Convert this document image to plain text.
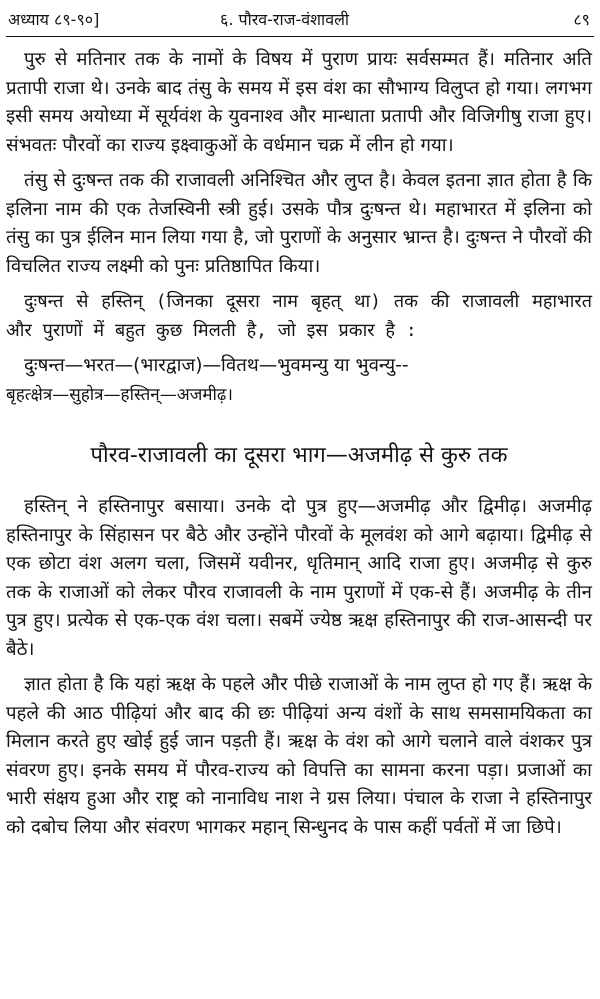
अध्याय ८९-९०]	६. पौरव-राज-वंशावली	८९

पुरु से मतिनार तक के नामों के विषय में पुराण प्रायः सर्वसम्मत हैं। मतिनार अति प्रतापी राजा थे। उनके बाद तंसु के समय में इस वंश का सौभाग्य विलुप्त हो गया। लगभग इसी समय अयोध्या में सूर्यवंश के युवनाश्व और मान्धाता प्रतापी और विजिगीषु राजा हुए। संभवतः पौरवों का राज्य इक्ष्वाकुओं के वर्धमान चक्र में लीन हो गया।

तंसु से दुःषन्त तक की राजावली अनिश्चित और लुप्त है। केवल इतना ज्ञात होता है कि इलिना नाम की एक तेजस्विनी स्त्री हुई। उसके पौत्र दुःषन्त थे। महाभारत में इलिना को तंसु का पुत्र ईलिन मान लिया गया है, जो पुराणों के अनुसार भ्रान्त है। दुःषन्त ने पौरवों की विचलित राज्य लक्ष्मी को पुनः प्रतिष्ठापित किया।

दुःषन्त से हस्तिन् (जिनका दूसरा नाम बृहत् था) तक की राजावली महाभारत और पुराणों में बहुत कुछ मिलती है, जो इस प्रकार है :

दुःषन्त—भरत—(भारद्वाज)—वितथ—भुवमन्यु या भुवन्यु--

बृहत्क्षेत्र—सुहोत्र—हस्तिन्—अजमीढ़।

पौरव-राजावली का दूसरा भाग—अजमीढ़ से कुरु तक

हस्तिन् ने हस्तिनापुर बसाया। उनके दो पुत्र हुए—अजमीढ़ और द्विमीढ़। अजमीढ़ हस्तिनापुर के सिंहासन पर बैठे और उन्होंने पौरवों के मूलवंश को आगे बढ़ाया। द्विमीढ़ से एक छोटा वंश अलग चला, जिसमें यवीनर, धृतिमान् आदि राजा हुए। अजमीढ़ से कुरु तक के राजाओं को लेकर पौरव राजावली के नाम पुराणों में एक-से हैं। अजमीढ़ के तीन पुत्र हुए। प्रत्येक से एक-एक वंश चला। सबमें ज्येष्ठ ऋक्ष हस्तिनापुर की राज-आसन्दी पर बैठे।

ज्ञात होता है कि यहां ऋक्ष के पहले और पीछे राजाओं के नाम लुप्त हो गए हैं। ऋक्ष के पहले की आठ पीढ़ियां और बाद की छः पीढ़ियां अन्य वंशों के साथ समसामयिकता का मिलान करते हुए खोई हुई जान पड़ती हैं। ऋक्ष के वंश को आगे चलाने वाले वंशकर पुत्र संवरण हुए। इनके समय में पौरव-राज्य को विपत्ति का सामना करना पड़ा। प्रजाओं का भारी संक्षय हुआ और राष्ट्र को नानाविध नाश ने ग्रस लिया। पंचाल के राजा ने हस्तिनापुर को दबोच लिया और संवरण भागकर महान् सिन्धुनद के पास कहीं पर्वतों में जा छिपे।
